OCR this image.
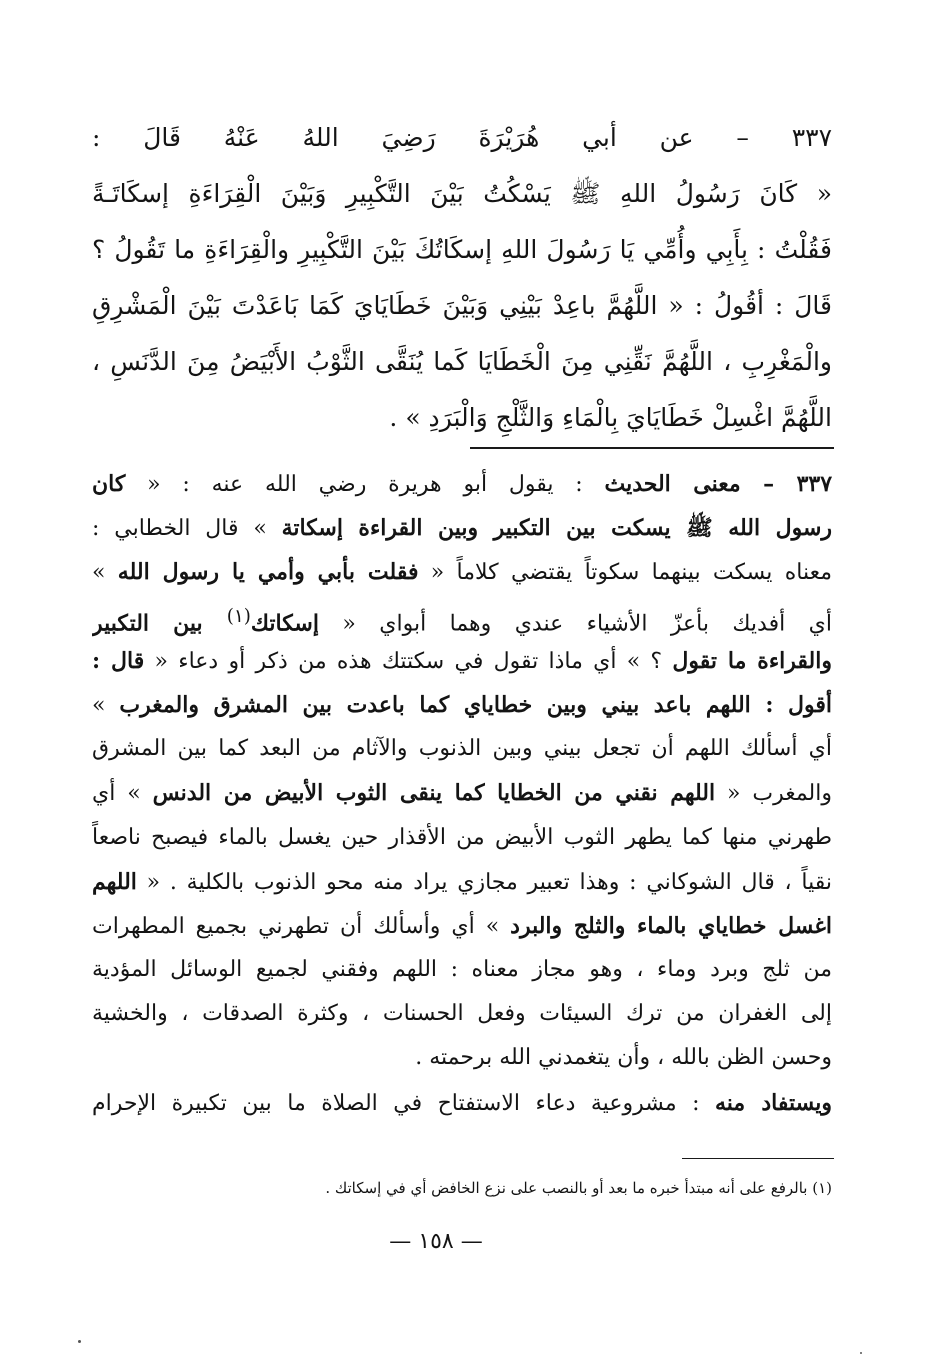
٣٣٧ – عن أبي هُرَيْرَةَ رَضِيَ اللهُ عَنْهُ قَالَ :
« كَانَ رَسُولُ اللهِ ﷺ يَسْكُتُ بَيْنَ التَّكْبِيرِ وَبَيْنَ الْقِرَاءَةِ إسكَاتَـةً
فَقُلْتُ : بِأَبِي وأُمِّي يَا رَسُولَ اللهِ إسكَاتُكَ بَيْنَ التَّكْبِيرِ والْقِرَاءَةِ ما تَقُولُ ؟
قَالَ : أقُولُ : « اللَّهُمَّ باعِدْ بَيْنِي وَبَيْنَ خَطَايَايَ كَمَا بَاعَدْتَ بَيْنَ الْمَشْرِقِ
والْمَغْرِبِ ، اللَّهُمَّ نَقِّنِي مِنَ الْخَطَايَا كَما يُنَقَّى الثَّوْبُ الأَبْيَضُ مِنَ الدَّنَسِ ،
اللَّهُمَّ اغْسِلْ خَطَايَايَ بِالْمَاءِ وَالثَّلْجِ وَالْبَرَدِ » .
٣٣٧ – معنى الحديث : يقول أبو هريرة رضي الله عنه : « كان
رسول الله ﷺ يسكت بين التكبير وبين القراءة إسكاتة » قال الخطابي :
معناه يسكت بينهما سكوتاً يقتضي كلاماً « فقلت بأبي وأمي يا رسول الله »
أي أفديك بأعزّ الأشياء عندي وهما أبواي « إسكاتك$^{(١)}$ بين التكبير
والقراءة ما تقول ؟ » أي ماذا تقول في سكتتك هذه من ذكر أو دعاء « قال :
أقول : اللهم باعد بيني وبين خطاياي كما باعدت بين المشرق والمغرب »
أي أسألك اللهم أن تجعل بيني وبين الذنوب والآثام من البعد كما بين المشرق
والمغرب « اللهم نقني من الخطايا كما ينقى الثوب الأبيض من الدنس » أي
طهرني منها كما يطهر الثوب الأبيض من الأقذار حين يغسل بالماء فيصبح ناصعاً
نقياً ، قال الشوكاني : وهذا تعبير مجازي يراد منه محو الذنوب بالكلية . « اللهم
اغسل خطاياي بالماء والثلج والبرد » أي وأسألك أن تطهرني بجميع المطهرات
من ثلج وبرد وماء ، وهو مجاز معناه : اللهم وفقني لجميع الوسائل المؤدية
إلى الغفران من ترك السيئات وفعل الحسنات ، وكثرة الصدقات ، والخشية
وحسن الظن بالله ، وأن يتغمدني الله برحمته .
ويستفاد منه : مشروعية دعاء الاستفتاح في الصلاة ما بين تكبيرة الإحرام
(١) بالرفع على أنه مبتدأ خبره ما بعد أو بالنصب على نزع الخافض أي في إسكاتك .
— ١٥٨ —
